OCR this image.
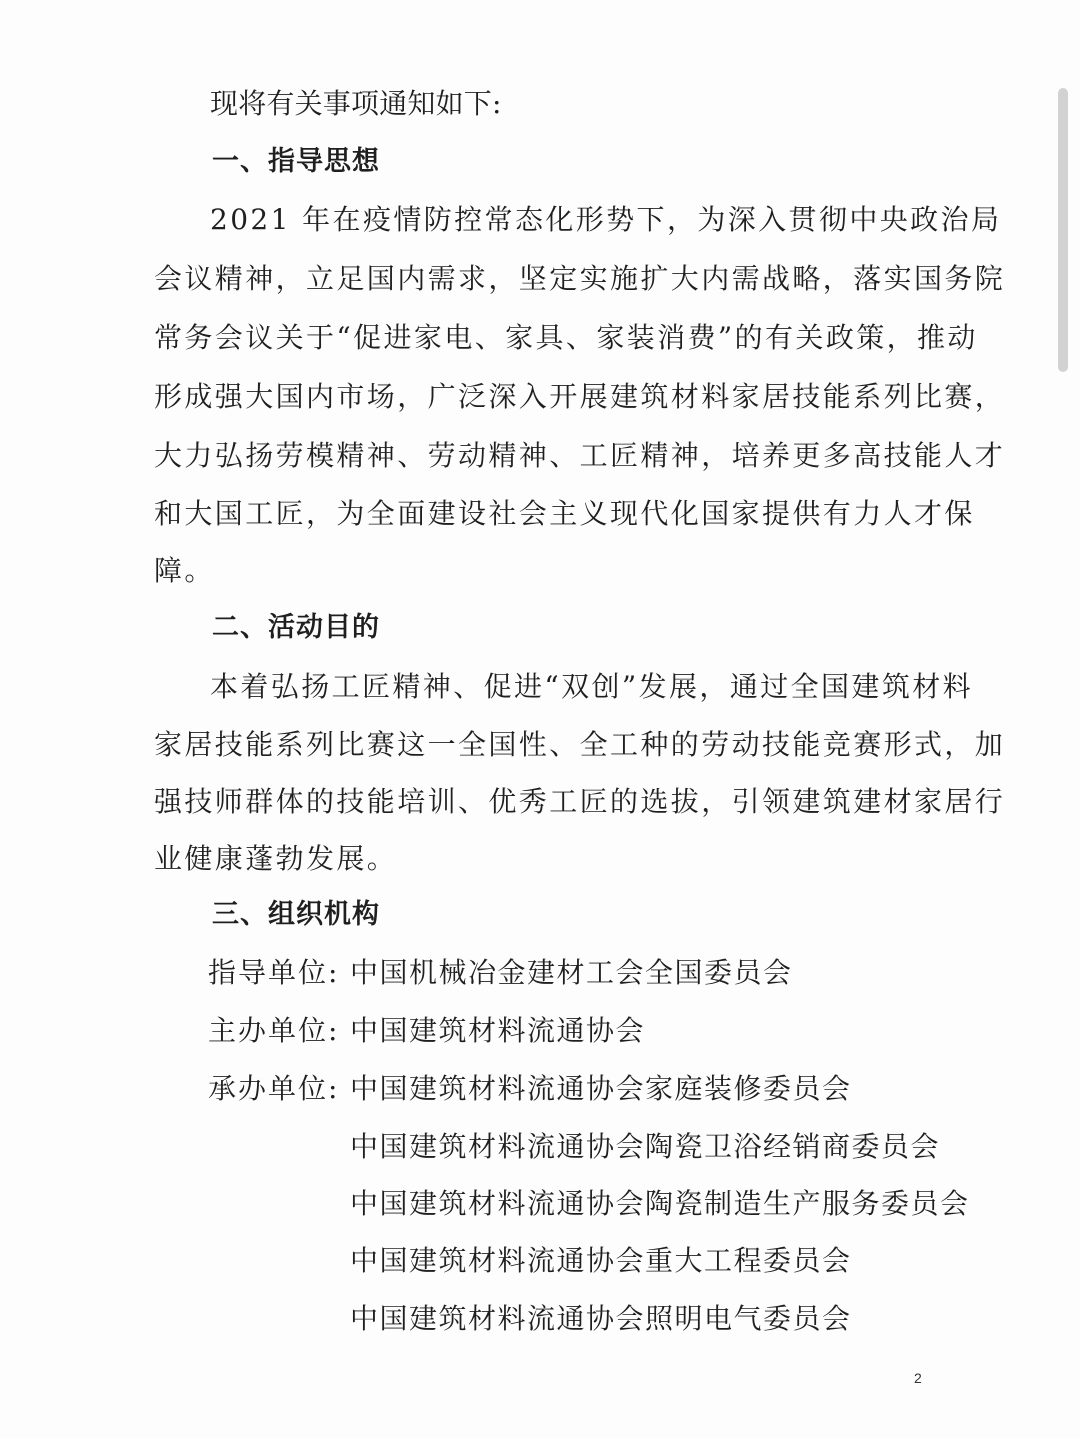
现将有关事项通知如下:
一、指导思想
2021 年在疫情防控常态化形势下，为深入贯彻中央政治局
会议精神，立足国内需求，坚定实施扩大内需战略，落实国务院
常务会议关于“促进家电、家具、家装消费”的有关政策，推动
形成强大国内市场，广泛深入开展建筑材料家居技能系列比赛，
大力弘扬劳模精神、劳动精神、工匠精神，培养更多高技能人才
和大国工匠，为全面建设社会主义现代化国家提供有力人才保
障。
二、活动目的
本着弘扬工匠精神、促进“双创”发展，通过全国建筑材料
家居技能系列比赛这一全国性、全工种的劳动技能竞赛形式，加
强技师群体的技能培训、优秀工匠的选拔，引领建筑建材家居行
业健康蓬勃发展。
三、组织机构
指导单位: 中国机械冶金建材工会全国委员会
主办单位: 中国建筑材料流通协会
承办单位: 中国建筑材料流通协会家庭装修委员会
中国建筑材料流通协会陶瓷卫浴经销商委员会
中国建筑材料流通协会陶瓷制造生产服务委员会
中国建筑材料流通协会重大工程委员会
中国建筑材料流通协会照明电气委员会
2
